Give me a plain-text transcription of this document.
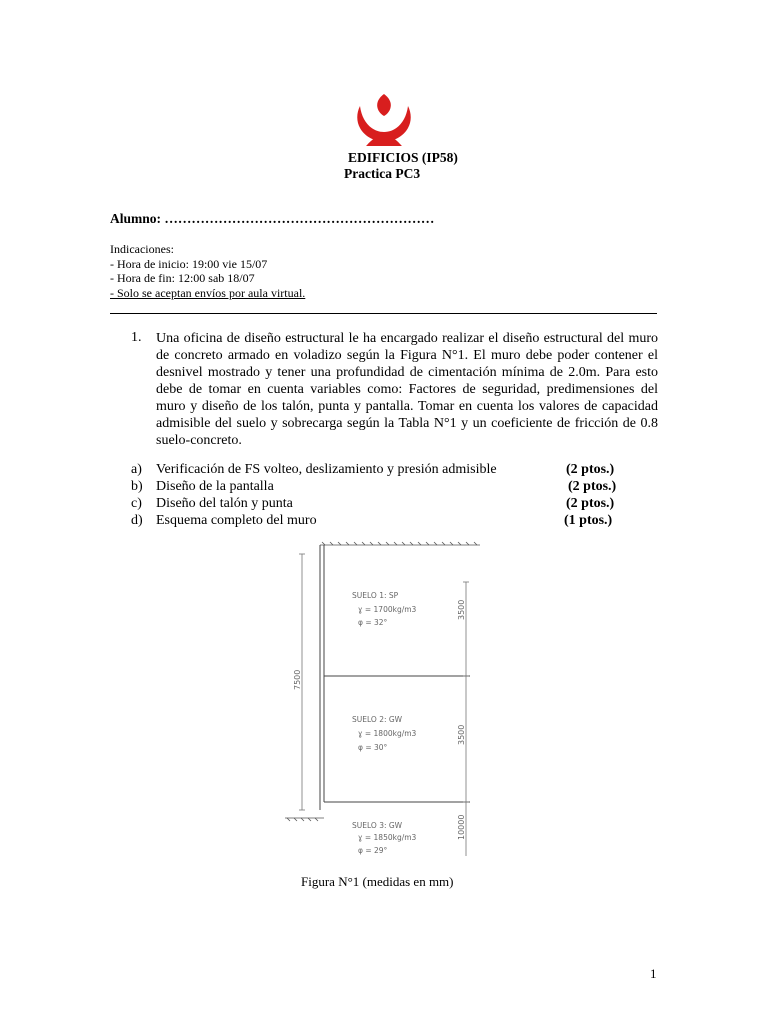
EDIFICIOS (IP58)
Practica PC3
Alumno: ……………………………………………………
Indicaciones:
- Hora de inicio: 19:00 vie 15/07
- Hora de fin: 12:00 sab 18/07
- Solo se aceptan envíos por aula virtual.
1. Una oficina de diseño estructural le ha encargado realizar el diseño estructural del muro de concreto armado en voladizo según la Figura N°1. El muro debe poder contener el desnivel mostrado y tener una profundidad de cimentación mínima de 2.0m. Para esto debe de tomar en cuenta variables como: Factores de seguridad, predimensiones del muro y diseño de los talón, punta y pantalla. Tomar en cuenta los valores de capacidad admisible del suelo y sobrecarga según la Tabla N°1 y un coeficiente de fricción de 0.8 suelo-concreto.
a) Verificación de FS volteo, deslizamiento y presión admisible	(2 ptos.)
b) Diseño de la pantalla	(2 ptos.)
c) Diseño del talón y punta	(2 ptos.)
d) Esquema completo del muro	(1 ptos.)
7500
3500
3500
10000
SUELO 1: SP
ɣ = 1700kg/m3
φ = 32°
SUELO 2: GW
ɣ = 1800kg/m3
φ = 30°
SUELO 3: GW
ɣ = 1850kg/m3
φ = 29°
Figura N°1 (medidas en mm)
1
